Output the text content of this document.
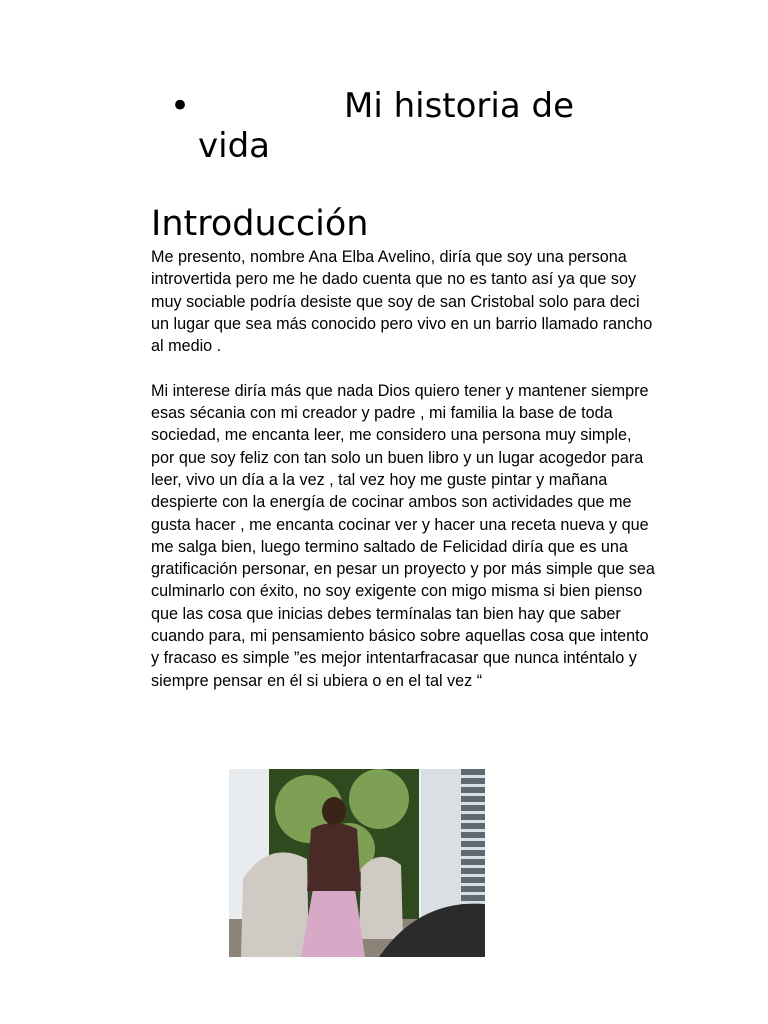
•	Mi historia de vida
Introducción

Me presento, nombre Ana Elba Avelino, diría que soy una persona introvertida pero me he dado cuenta que no es tanto así ya que soy muy sociable podría desiste que soy de san Cristobal solo para deci un lugar que sea más conocido pero vivo en un barrio llamado rancho al medio .

Mi interese diría más que nada Dios quiero tener y mantener siempre esas sécania con mi creador y padre , mi familia la base de toda sociedad, me encanta leer, me considero una persona muy simple, por que soy feliz con tan solo un buen libro y un lugar acogedor para leer, vivo un día a la vez , tal vez hoy me guste pintar y mañana despierte con la energía de cocinar ambos son actividades que me gusta hacer , me encanta cocinar ver y hacer una receta nueva y que me salga bien, luego termino saltado de Felicidad diría que es una gratificación personar, en pesar un proyecto y por más simple que sea culminarlo con éxito, no soy exigente con migo misma si bien pienso que las cosa que inicias debes termínalas tan bien hay que saber cuando para, mi pensamiento básico sobre aquellas cosa que intento y fracaso es simple ”es mejor intentarfracasar que nunca inténtalo y siempre pensar en él si ubiera o en el tal vez “
